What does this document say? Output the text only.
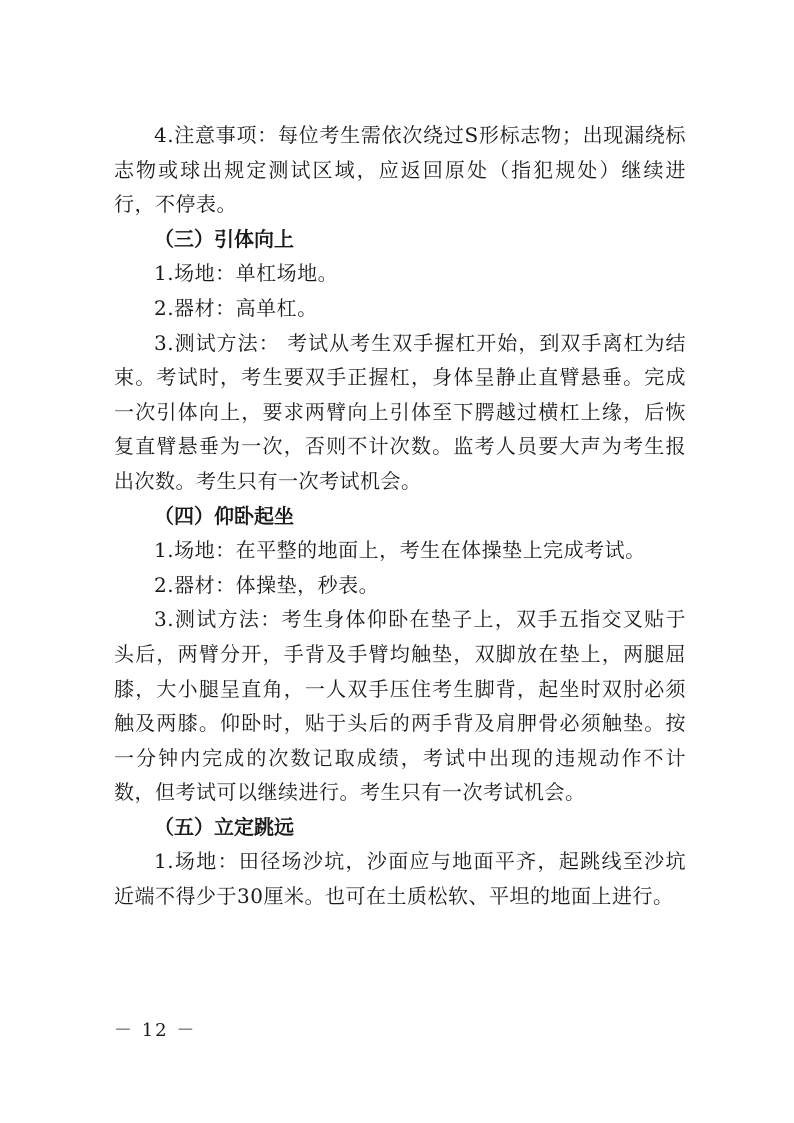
4.注意事项：每位考生需依次绕过S形标志物；出现漏绕标志物或球出规定测试区域，应返回原处（指犯规处）继续进行，不停表。

（三）引体向上

1.场地：单杠场地。

2.器材：高单杠。

3.测试方法： 考试从考生双手握杠开始，到双手离杠为结束。考试时，考生要双手正握杠，身体呈静止直臂悬垂。完成一次引体向上，要求两臂向上引体至下腭越过横杠上缘，后恢复直臂悬垂为一次，否则不计次数。监考人员要大声为考生报出次数。考生只有一次考试机会。

（四）仰卧起坐

1.场地：在平整的地面上，考生在体操垫上完成考试。

2.器材：体操垫，秒表。

3.测试方法：考生身体仰卧在垫子上，双手五指交叉贴于头后，两臂分开，手背及手臂均触垫，双脚放在垫上，两腿屈膝，大小腿呈直角，一人双手压住考生脚背，起坐时双肘必须触及两膝。仰卧时，贴于头后的两手背及肩胛骨必须触垫。按一分钟内完成的次数记取成绩，考试中出现的违规动作不计数，但考试可以继续进行。考生只有一次考试机会。

（五）立定跳远

1.场地：田径场沙坑，沙面应与地面平齐，起跳线至沙坑近端不得少于30厘米。也可在土质松软、平坦的地面上进行。

－ 12 －
